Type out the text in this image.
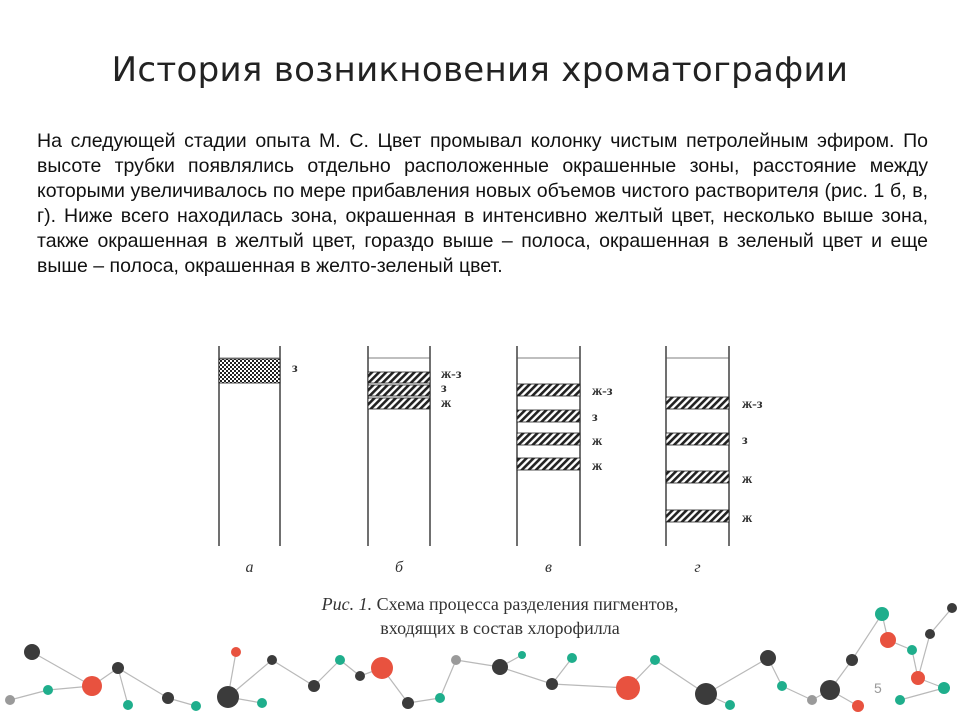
История возникновения хроматографии

На следующей стадии опыта М. С. Цвет промывал колонку чистым петролейным эфиром. По высоте трубки появлялись отдельно расположенные окрашенные зоны, расстояние между которыми увеличивалось по мере прибавления новых объемов чистого растворителя (рис. 1 б, в, г). Ниже всего находилась зона, окрашенная в интенсивно желтый цвет, несколько выше зона, также окрашенная в желтый цвет, гораздо выше – полоса, окрашенная в зеленый цвет и еще выше – полоса, окрашенная в желто-зеленый цвет.

з
а
ж-з
з
ж
б
ж-з
з
ж
ж
в
ж-з
з
ж
ж
г
Рис. 1. Схема процесса разделения пигментов,
входящих в состав хлорофилла
5
